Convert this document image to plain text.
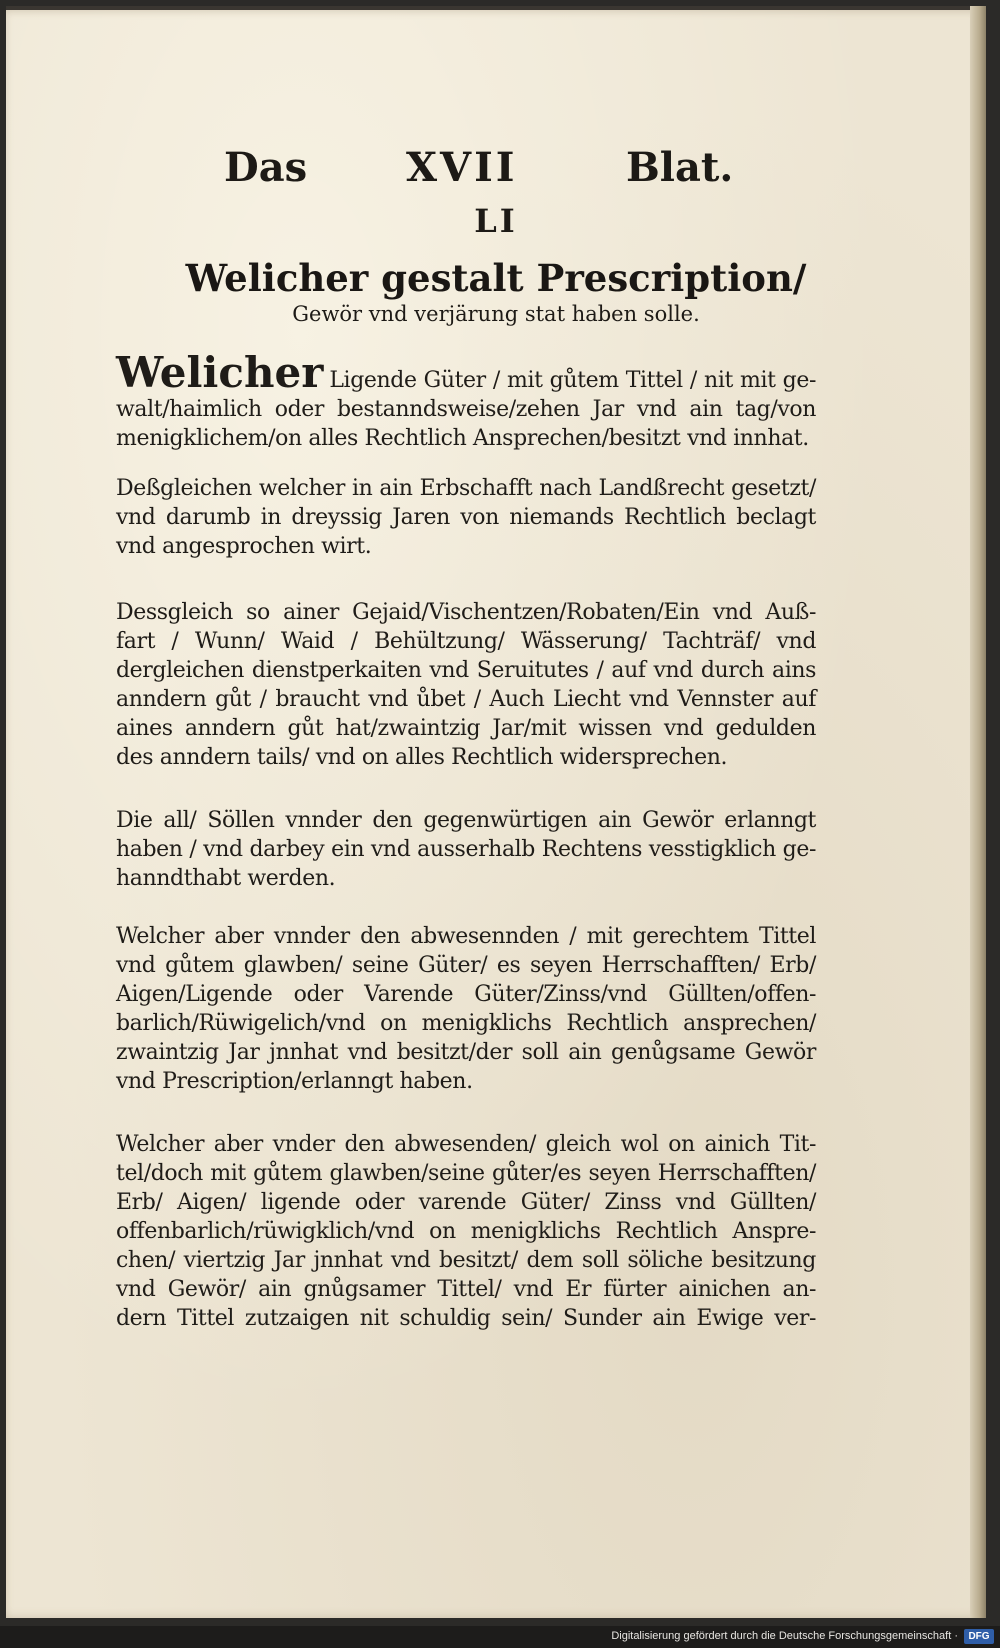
Das XVII	Blat.
LI
Welicher gestalt Prescription/
Gewör vnd verjärung stat haben solle.
Welicher Ligende Güter / mit gůtem Tittel / nit mit ge-
walt/haimlich oder bestanndsweise/zehen Jar vnd ain tag/von
menigklichem/on alles Rechtlich Ansprechen/besitzt vnd innhat.
Deßgleichen welcher in ain Erbschafft nach Landßrecht gesetzt/
vnd darumb in dreyssig Jaren von niemands Rechtlich beclagt
vnd angesprochen wirt.
Dessgleich so ainer Gejaid/Vischentzen/Robaten/Ein vnd Auß-
fart / Wunn/ Waid / Behültzung/ Wässerung/ Tachträf/ vnd
dergleichen dienstperkaiten vnd Seruitutes / auf vnd durch ains
anndern gůt / braucht vnd ůbet / Auch Liecht vnd Vennster auf
aines anndern gůt hat/zwaintzig Jar/mit wissen vnd gedulden
des anndern tails/ vnd on alles Rechtlich widersprechen.
Die all/ Söllen vnnder den gegenwürtigen ain Gewör erlanngt
haben / vnd darbey ein vnd ausserhalb Rechtens vesstigklich ge-
hanndthabt werden.
Welcher aber vnnder den abwesennden / mit gerechtem Tittel
vnd gůtem glawben/ seine Güter/ es seyen Herrschafften/ Erb/
Aigen/Ligende oder Varende Güter/Zinss/vnd Güllten/offen-
barlich/Rüwigelich/vnd on menigklichs Rechtlich ansprechen/
zwaintzig Jar jnnhat vnd besitzt/der soll ain genůgsame Gewör
vnd Prescription/erlanngt haben.
Welcher aber vnder den abwesenden/ gleich wol on ainich Tit-
tel/doch mit gůtem glawben/seine gůter/es seyen Herrschafften/
Erb/ Aigen/ ligende oder varende Güter/ Zinss vnd Güllten/
offenbarlich/rüwigklich/vnd on menigklichs Rechtlich Anspre-
chen/ viertzig Jar jnnhat vnd besitzt/ dem soll söliche besitzung
vnd Gewör/ ain gnůgsamer Tittel/ vnd Er fürter ainichen an-
dern Tittel zutzaigen nit schuldig sein/ Sunder ain Ewige ver-
Digitalisierung gefördert durch die Deutsche Forschungsgemeinschaft ·	DFG
